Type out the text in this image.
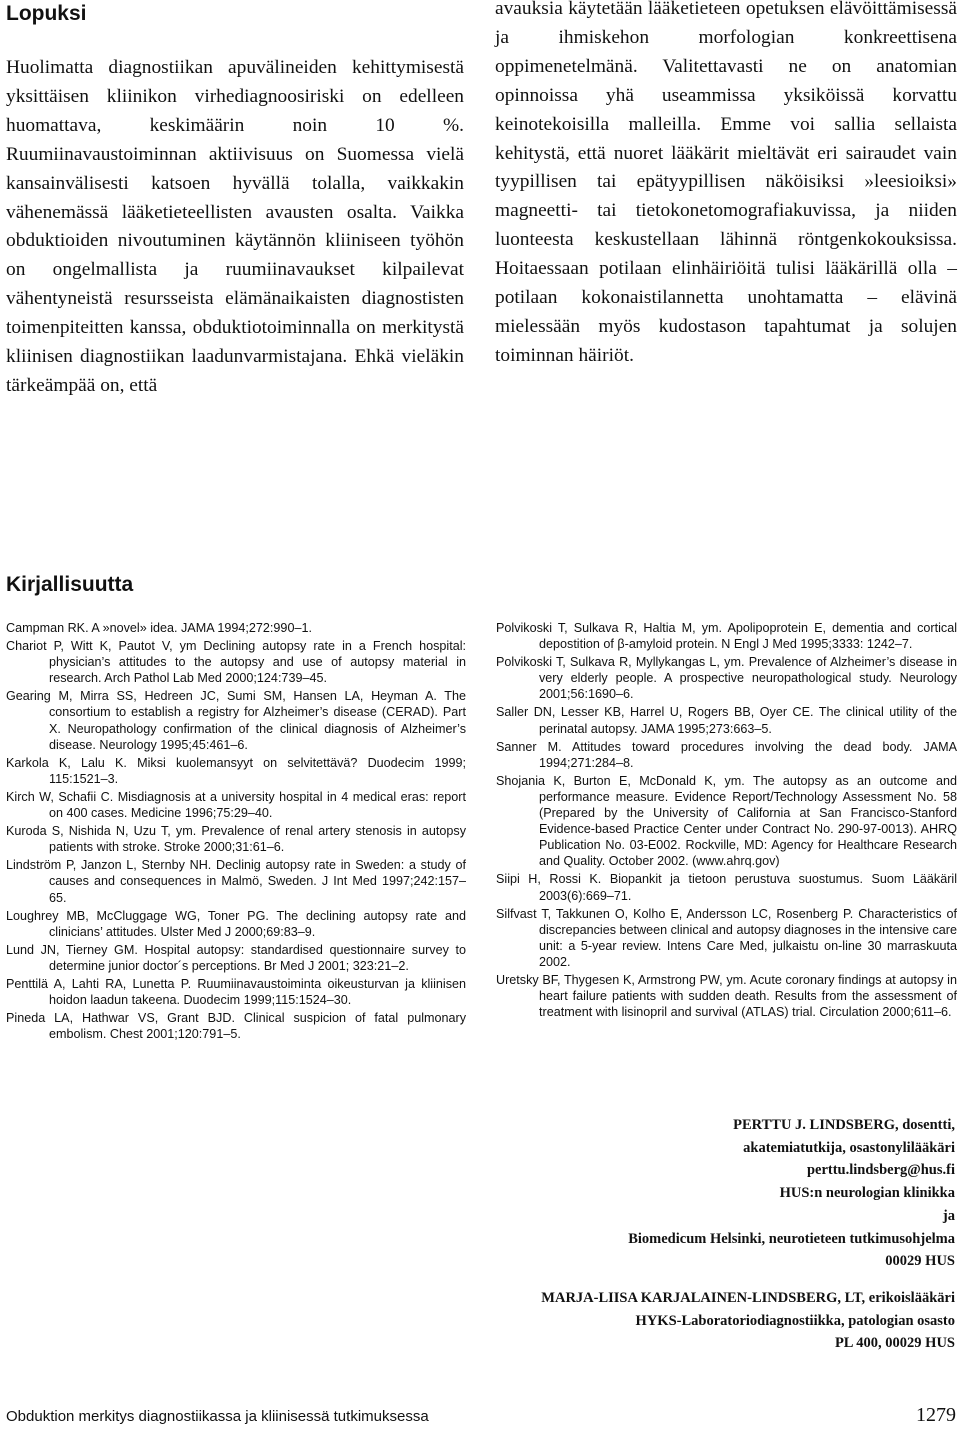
Lopuksi

Huolimatta diagnostiikan apuvälineiden kehittymisestä yksittäisen kliinikon virhediagnoosiriski on edelleen huomattava, keskimäärin noin 10 %. Ruumiinavaustoiminnan aktiivisuus on Suomessa vielä kansainvälisesti katsoen hyvällä tolalla, vaikkakin vähenemässä lääketieteellisten avausten osalta. Vaikka obduktioiden nivoutuminen käytännön kliiniseen työhön on ongelmallista ja ruumiinavaukset kilpailevat vähentyneistä resursseista elämänaikaisten diagnostisten toimenpiteitten kanssa, obduktiotoiminnalla on merkitystä kliinisen diagnostiikan laadunvarmistajana. Ehkä vieläkin tärkeämpää on, että

avauksia käytetään lääketieteen opetuksen elävöittämisessä ja ihmiskehon morfologian konkreettisena oppimenetelmänä. Valitettavasti ne on anatomian opinnoissa yhä useammissa yksiköissä korvattu keinotekoisilla malleilla. Emme voi sallia sellaista kehitystä, että nuoret lääkärit mieltävät eri sairaudet vain tyypillisen tai epätyypillisen näköisiksi »leesioiksi» magneetti- tai tietokonetomografiakuvissa, ja niiden luonteesta keskustellaan lähinnä röntgenkokouksissa. Hoitaessaan potilaan elinhäiriöitä tulisi lääkärillä olla – potilaan kokonaistilannetta unohtamatta – elävinä mielessään myös kudostason tapahtumat ja solujen toiminnan häiriöt.

Kirjallisuutta

Campman RK. A »novel» idea. JAMA 1994;272:990–1.

Chariot P, Witt K, Pautot V, ym Declining autopsy rate in a French hospital: physician’s attitudes to the autopsy and use of autopsy material in research. Arch Pathol Lab Med 2000;124:739–45.

Gearing M, Mirra SS, Hedreen JC, Sumi SM, Hansen LA, Heyman A. The consortium to establish a registry for Alzheimer’s disease (CERAD). Part X. Neuropathology confirmation of the clinical diagnosis of Alzheimer’s disease. Neurology 1995;45:461–6.

Karkola K, Lalu K. Miksi kuolemansyyt on selvitettävä? Duodecim 1999; 115:1521–3.

Kirch W, Schafii C. Misdiagnosis at a university hospital in 4 medical eras: report on 400 cases. Medicine 1996;75:29–40.

Kuroda S, Nishida N, Uzu T, ym. Prevalence of renal artery stenosis in autopsy patients with stroke. Stroke 2000;31:61–6.

Lindström P, Janzon L, Sternby NH. Declinig autopsy rate in Sweden: a study of causes and consequences in Malmö, Sweden. J Int Med 1997;242:157–65.

Loughrey MB, McCluggage WG, Toner PG. The declining autopsy rate and clinicians’ attitudes. Ulster Med J 2000;69:83–9.

Lund JN, Tierney GM. Hospital autopsy: standardised questionnaire survey to determine junior doctor´s perceptions. Br Med J 2001; 323:21–2.

Penttilä A, Lahti RA, Lunetta P. Ruumiinavaustoiminta oikeusturvan ja kliinisen hoidon laadun takeena. Duodecim 1999;115:1524–30.

Pineda LA, Hathwar VS, Grant BJD. Clinical suspicion of fatal pulmonary embolism. Chest 2001;120:791–5.

Polvikoski T, Sulkava R, Haltia M, ym. Apolipoprotein E, dementia and cortical depostition of β-amyloid protein. N Engl J Med 1995;3333: 1242–7.

Polvikoski T, Sulkava R, Myllykangas L, ym. Prevalence of Alzheimer’s disease in very elderly people. A prospective neuropathological study. Neurology 2001;56:1690–6.

Saller DN, Lesser KB, Harrel U, Rogers BB, Oyer CE. The clinical utility of the perinatal autopsy. JAMA 1995;273:663–5.

Sanner M. Attitudes toward procedures involving the dead body. JAMA 1994;271:284–8.

Shojania K, Burton E, McDonald K, ym. The autopsy as an outcome and performance measure. Evidence Report/Technology Assessment No. 58 (Prepared by the University of California at San Francisco-Stanford Evidence-based Practice Center under Contract No. 290-97-0013). AHRQ Publication No. 03-E002. Rockville, MD: Agency for Healthcare Research and Quality. October 2002. (www.ahrq.gov)

Siipi H, Rossi K. Biopankit ja tietoon perustuva suostumus. Suom Lääkäril 2003(6):669–71.

Silfvast T, Takkunen O, Kolho E, Andersson LC, Rosenberg P. Characteristics of discrepancies between clinical and autopsy diagnoses in the intensive care unit: a 5-year review. Intens Care Med, julkaistu on-line 30 marraskuuta 2002.

Uretsky BF, Thygesen K, Armstrong PW, ym. Acute coronary findings at autopsy in heart failure patients with sudden death. Results from the assessment of treatment with lisinopril and survival (ATLAS) trial. Circulation 2000;611–6.

PERTTU J. LINDSBERG, dosentti,
akatemiatutkija, osastonylilääkäri
perttu.lindsberg@hus.fi
HUS:n neurologian klinikka
ja
Biomedicum Helsinki, neurotieteen tutkimusohjelma
00029 HUS
MARJA-LIISA KARJALAINEN-LINDSBERG, LT, erikoislääkäri
HYKS-Laboratoriodiagnostiikka, patologian osasto
PL 400, 00029 HUS
Obduktion merkitys diagnostiikassa ja kliinisessä tutkimuksessa	1279
